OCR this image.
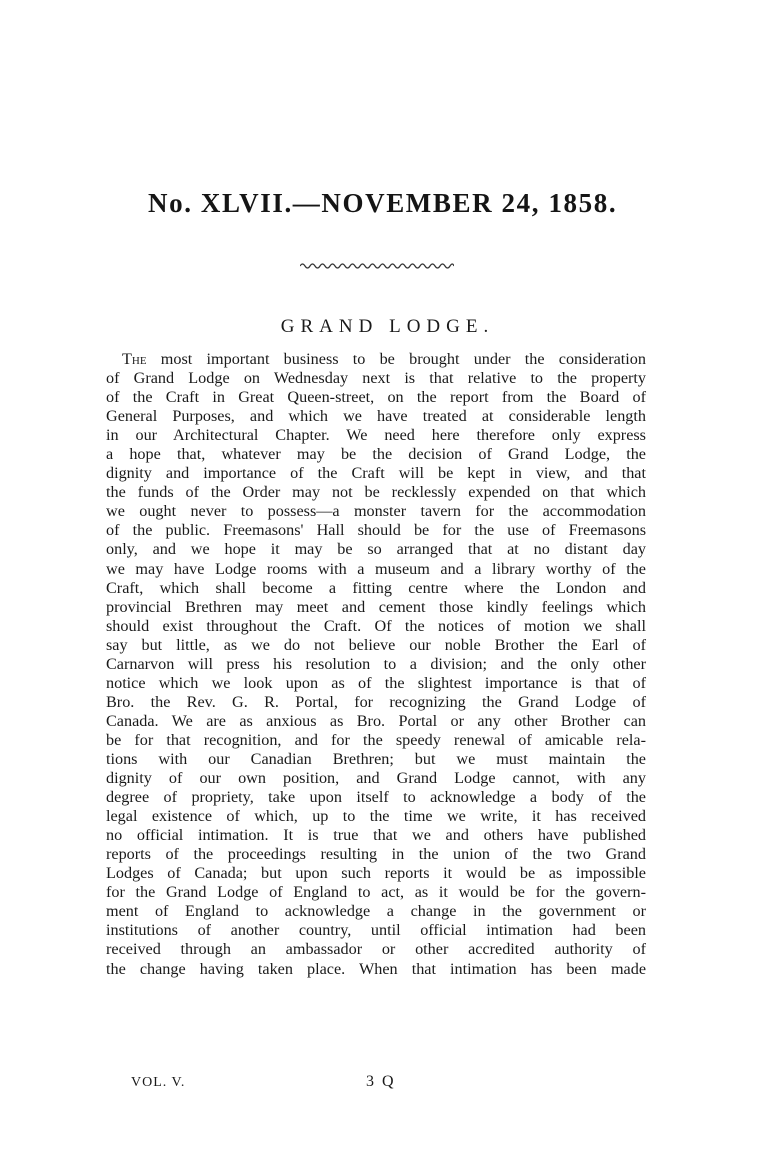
No. XLVII.—NOVEMBER 24, 1858.
GRAND LODGE.
The most important business to be brought under the consideration
of Grand Lodge on Wednesday next is that relative to the property
of the Craft in Great Queen-street, on the report from the Board of
General Purposes, and which we have treated at considerable length
in our Architectural Chapter. We need here therefore only express
a hope that, whatever may be the decision of Grand Lodge, the
dignity and importance of the Craft will be kept in view, and that
the funds of the Order may not be recklessly expended on that which
we ought never to possess—a monster tavern for the accommodation
of the public. Freemasons' Hall should be for the use of Freemasons
only, and we hope it may be so arranged that at no distant day
we may have Lodge rooms with a museum and a library worthy of the
Craft, which shall become a fitting centre where the London and
provincial Brethren may meet and cement those kindly feelings which
should exist throughout the Craft. Of the notices of motion we shall
say but little, as we do not believe our noble Brother the Earl of
Carnarvon will press his resolution to a division; and the only other
notice which we look upon as of the slightest importance is that of
Bro. the Rev. G. R. Portal, for recognizing the Grand Lodge of
Canada. We are as anxious as Bro. Portal or any other Brother can
be for that recognition, and for the speedy renewal of amicable rela-
tions with our Canadian Brethren; but we must maintain the
dignity of our own position, and Grand Lodge cannot, with any
degree of propriety, take upon itself to acknowledge a body of the
legal existence of which, up to the time we write, it has received
no official intimation. It is true that we and others have published
reports of the proceedings resulting in the union of the two Grand
Lodges of Canada; but upon such reports it would be as impossible
for the Grand Lodge of England to act, as it would be for the govern-
ment of England to acknowledge a change in the government or
institutions of another country, until official intimation had been
received through an ambassador or other accredited authority of
the change having taken place. When that intimation has been made
VOL. V.	3 Q
